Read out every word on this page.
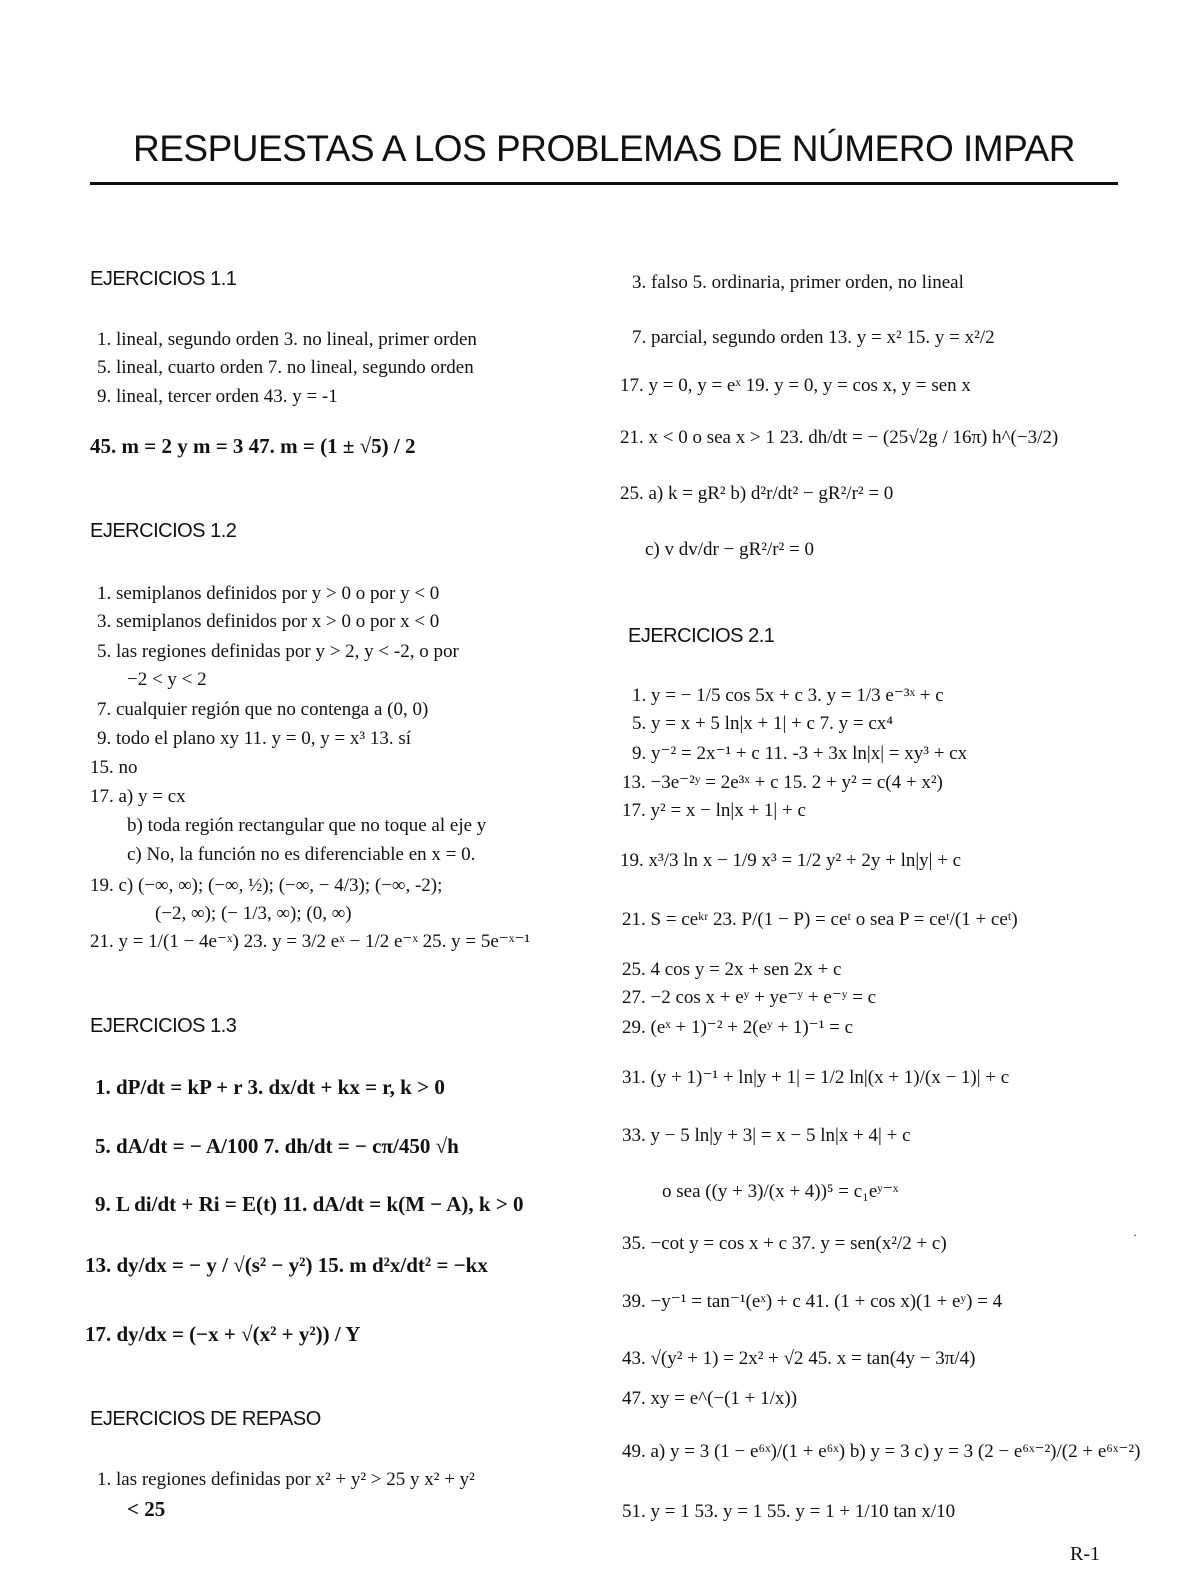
RESPUESTAS A LOS PROBLEMAS DE NÚMERO IMPAR
EJERCICIOS 1.1
1. lineal, segundo orden 3. no lineal, primer orden
5. lineal, cuarto orden 7. no lineal, segundo orden
9. lineal, tercer orden 43. y = -1
45. m = 2 y m = 3 47. m = (1 ± √5) / 2
EJERCICIOS 1.2
1. semiplanos definidos por y > 0 o por y < 0
3. semiplanos definidos por x > 0 o por x < 0
5. las regiones definidas por y > 2, y < -2, o por
−2 < y < 2
7. cualquier región que no contenga a (0, 0)
9. todo el plano xy 11. y = 0, y = x³ 13. sí
15. no
17. a) y = cx
b) toda región rectangular que no toque al eje y
c) No, la función no es diferenciable en x = 0.
19. c) (−∞, ∞); (−∞, ½); (−∞, − 4/3); (−∞, -2);
(−2, ∞); (− 1/3, ∞); (0, ∞)
21. y = 1/(1 − 4e⁻ˣ) 23. y = 3/2 eˣ − 1/2 e⁻ˣ 25. y = 5e⁻ˣ⁻¹
EJERCICIOS 1.3
1. dP/dt = kP + r 3. dx/dt + kx = r, k > 0
5. dA/dt = − A/100 7. dh/dt = − cπ/450 √h
9. L di/dt + Ri = E(t) 11. dA/dt = k(M − A), k > 0
13. dy/dx = − y / √(s² − y²) 15. m d²x/dt² = −kx
17. dy/dx = (−x + √(x² + y²)) / Y
EJERCICIOS DE REPASO
1. las regiones definidas por x² + y² > 25 y x² + y²
< 25
3. falso 5. ordinaria, primer orden, no lineal
7. parcial, segundo orden 13. y = x² 15. y = x²/2
17. y = 0, y = eˣ 19. y = 0, y = cos x, y = sen x
21. x < 0 o sea x > 1 23. dh/dt = − (25√2g / 16π) h^(−3/2)
25. a) k = gR² b) d²r/dt² − gR²/r² = 0
c) v dv/dr − gR²/r² = 0
EJERCICIOS 2.1
1. y = − 1/5 cos 5x + c 3. y = 1/3 e⁻³ˣ + c
5. y = x + 5 ln|x + 1| + c 7. y = cx⁴
9. y⁻² = 2x⁻¹ + c 11. -3 + 3x ln|x| = xy³ + cx
13. −3e⁻²ʸ = 2e³ˣ + c 15. 2 + y² = c(4 + x²)
17. y² = x − ln|x + 1| + c
19. x³/3 ln x − 1/9 x³ = 1/2 y² + 2y + ln|y| + c
21. S = ceᵏʳ 23. P/(1 − P) = ceᵗ o sea P = ceᵗ/(1 + ceᵗ)
25. 4 cos y = 2x + sen 2x + c
27. −2 cos x + eʸ + ye⁻ʸ + e⁻ʸ = c
29. (eˣ + 1)⁻² + 2(eʸ + 1)⁻¹ = c
31. (y + 1)⁻¹ + ln|y + 1| = 1/2 ln|(x + 1)/(x − 1)| + c
33. y − 5 ln|y + 3| = x − 5 ln|x + 4| + c
o sea ((y + 3)/(x + 4))⁵ = c₁eʸ⁻ˣ
35. −cot y = cos x + c 37. y = sen(x²/2 + c)
39. −y⁻¹ = tan⁻¹(eˣ) + c 41. (1 + cos x)(1 + eʸ) = 4
43. √(y² + 1) = 2x² + √2 45. x = tan(4y − 3π/4)
47. xy = e^(−(1 + 1/x))
49. a) y = 3 (1 − e⁶ˣ)/(1 + e⁶ˣ) b) y = 3 c) y = 3 (2 − e⁶ˣ⁻²)/(2 + e⁶ˣ⁻²)
51. y = 1 53. y = 1 55. y = 1 + 1/10 tan x/10
·
R-1
